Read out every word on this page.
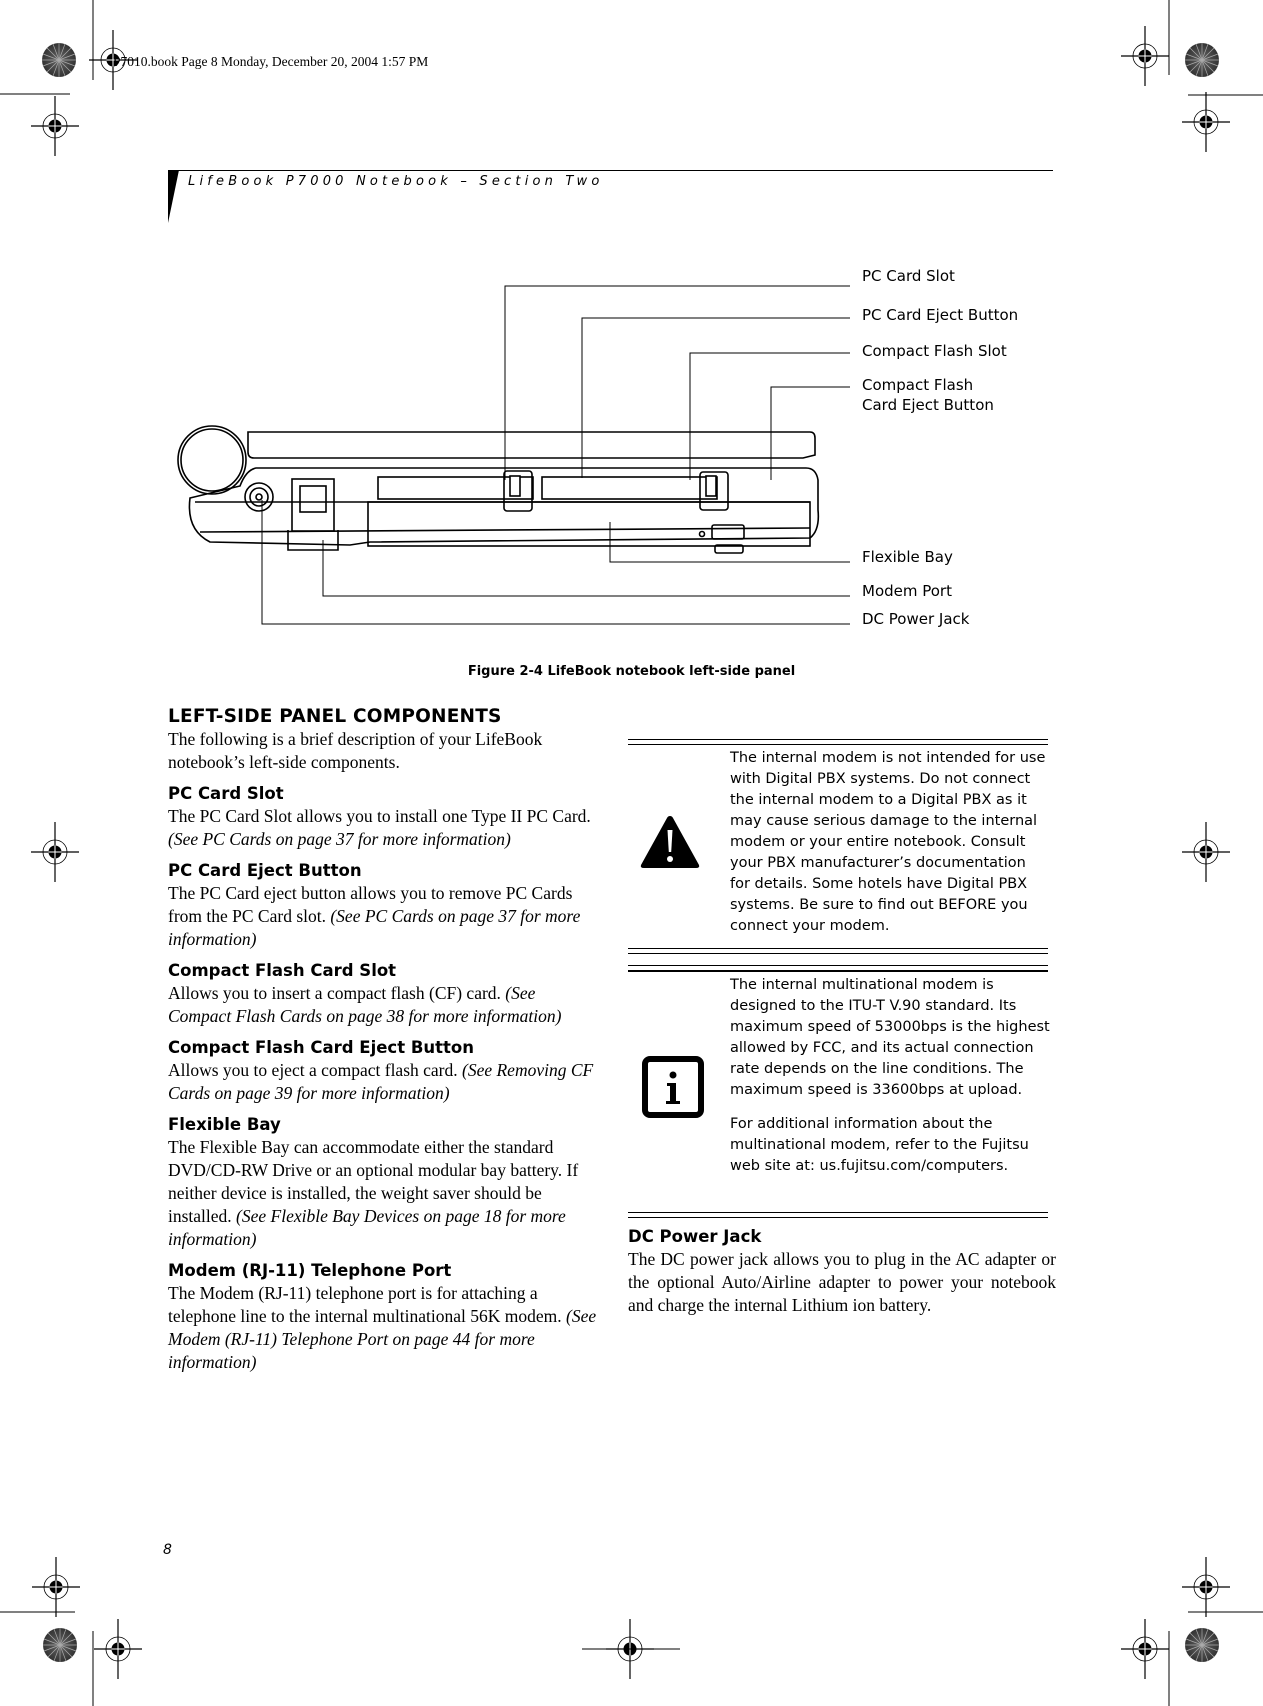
P7010.book Page 8 Monday, December 20, 2004 1:57 PM
LifeBook P7000 Notebook – Section Two
PC Card Slot
PC Card Eject Button
Compact Flash Slot
Compact Flash
Card Eject Button
Flexible Bay
Modem Port
DC Power Jack
Figure 2-4 LifeBook notebook left-side panel
LEFT-SIDE PANEL COMPONENTS

The following is a brief description of your LifeBook notebook’s left-side components.

PC Card Slot

The PC Card Slot allows you to install one Type II PC Card. (See PC Cards on page 37 for more information)

PC Card Eject Button

The PC Card eject button allows you to remove PC Cards from the PC Card slot. (See PC Cards on page 37 for more information)

Compact Flash Card Slot

Allows you to insert a compact flash (CF) card. (See Compact Flash Cards on page 38 for more information)

Compact Flash Card Eject Button

Allows you to eject a compact flash card. (See Removing CF Cards on page 39 for more information)

Flexible Bay

The Flexible Bay can accommodate either the standard DVD/CD-RW Drive or an optional modular bay battery. If neither device is installed, the weight saver should be installed. (See Flexible Bay Devices on page 18 for more information)

Modem (RJ-11) Telephone Port

The Modem (RJ-11) telephone port is for attaching a telephone line to the internal multinational 56K modem. (See Modem (RJ-11) Telephone Port on page 44 for more information)

The internal modem is not intended for use with Digital PBX systems. Do not connect the internal modem to a Digital PBX as it may cause serious damage to the internal modem or your entire notebook. Consult your PBX manufacturer’s documentation for details. Some hotels have Digital PBX systems. Be sure to find out BEFORE you connect your modem.

The internal multinational modem is designed to the ITU-T V.90 standard. Its maximum speed of 53000bps is the highest allowed by FCC, and its actual connection rate depends on the line conditions. The maximum speed is 33600bps at upload.

For additional information about the multinational modem, refer to the Fujitsu web site at: us.fujitsu.com/computers.

DC Power Jack

The DC power jack allows you to plug in the AC adapter or the optional Auto/Airline adapter to power your notebook and charge the internal Lithium ion battery.

8
